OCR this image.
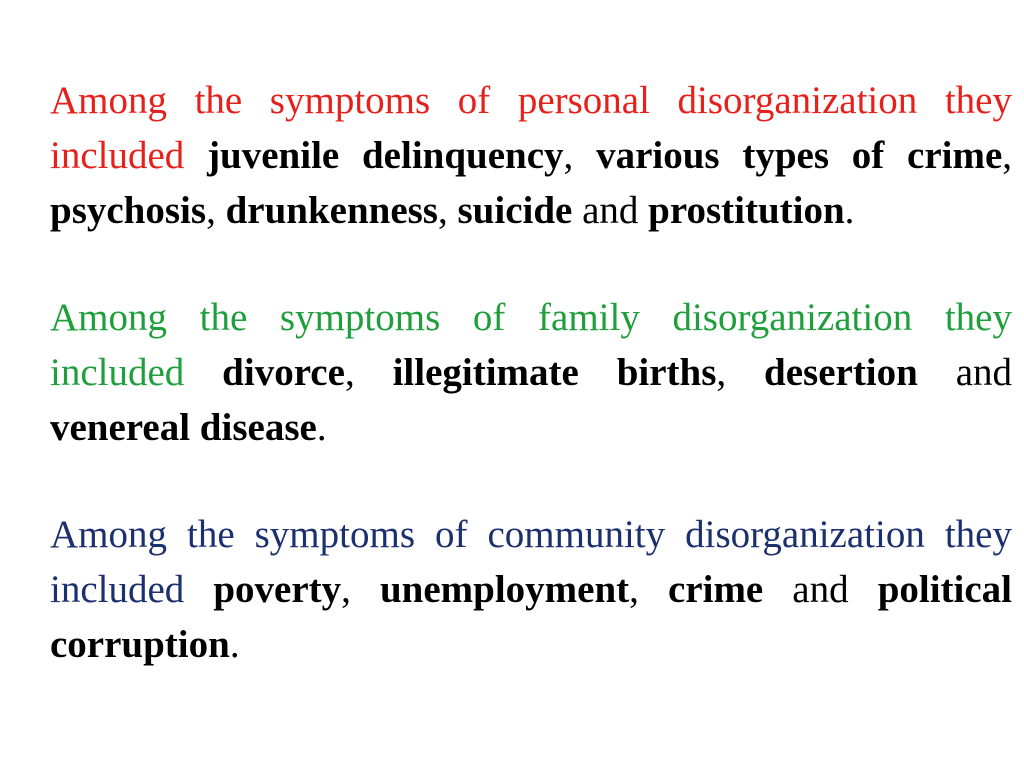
Among the symptoms of personal disorganization they included juvenile delinquency, various types of crime, psychosis, drunkenness, suicide and prostitution.

Among the symptoms of family disorganization they included divorce, illegitimate births, desertion and venereal disease.

Among the symptoms of community disorganization they included poverty, unemployment, crime and political corruption.
